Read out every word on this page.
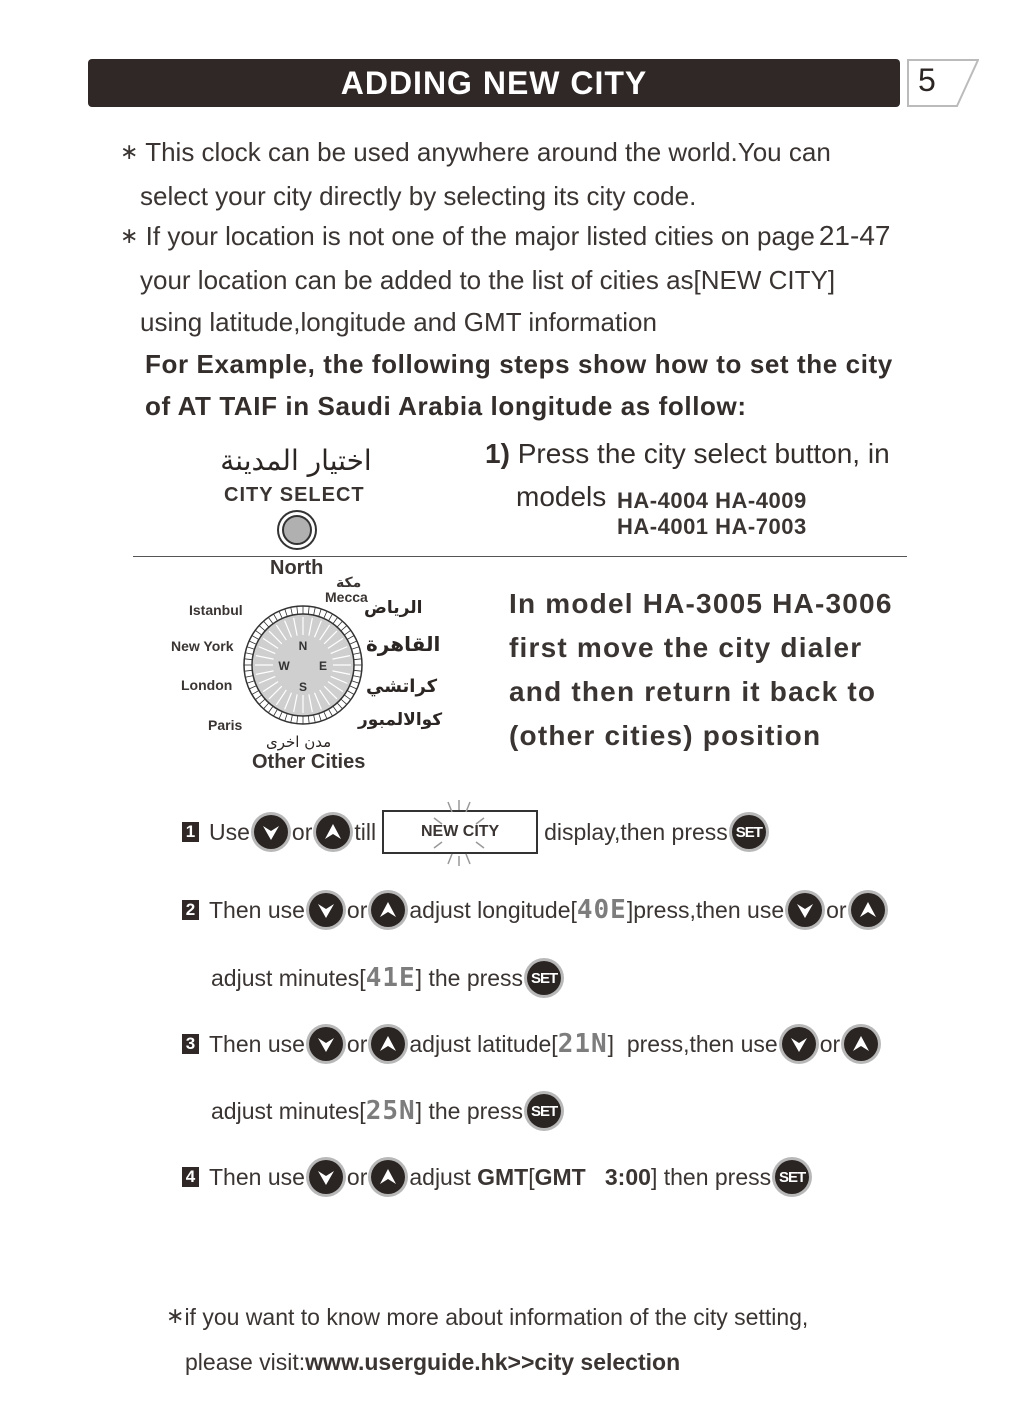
ADDING NEW CITY	5
∗ This clock can be used anywhere around the world.You can
select your city directly by selecting its city code.
∗ If your location is not one of the major listed cities on page 21-47
your location can be added to the list of cities as[NEW CITY]
using latitude,longitude and GMT information
For Example, the following steps show how to set the city
of AT TAIF in Saudi Arabia longitude as follow:
اختيار المدينة
CITY SELECT
1) Press the city select button, in
models HA-4004 HA-4009
HA-4001 HA-7003
North
مكة
Mecca
Istanbul
New York
London
Paris
الرياض
القاهرة
كراتشي
كوالالمبور
N
S
W E
مدن اخرى
Other Cities
In model HA-3005 HA-3006
first move the city dialer
and then return it back to
(other cities) position
1 Use or till	NEW CITY	display,then press SET
2 Then use or adjust longitude[ 40E ]press,then use or
adjust minutes[ 41E ] the press SET
3 Then use or adjust latitude[ 21N ]  press,then use or
adjust minutes[ 25N ] the press SET
4 Then use or adjust
GMT [ GMT   3:00 ] then press SET
∗if you want to know more about information of the city setting,
please visit:www.userguide.hk>>city selection
